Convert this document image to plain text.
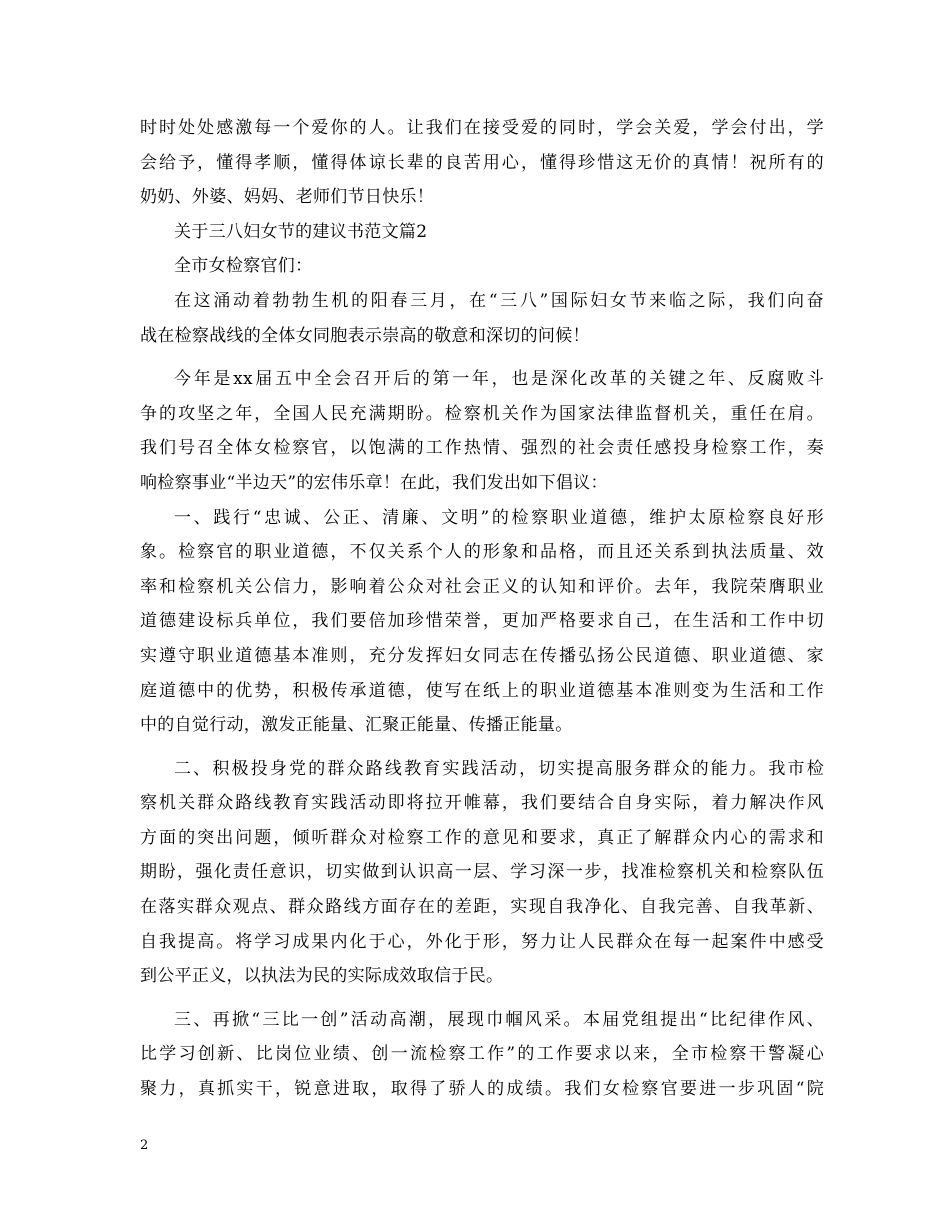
时时处处感激每一个爱你的人。让我们在接受爱的同时，学会关爱，学会付出，学
会给予，懂得孝顺，懂得体谅长辈的良苦用心，懂得珍惜这无价的真情！祝所有的
奶奶、外婆、妈妈、老师们节日快乐！
关于三八妇女节的建议书范文篇2
全市女检察官们：
在这涌动着勃勃生机的阳春三月，在“三八”国际妇女节来临之际，我们向奋
战在检察战线的全体女同胞表示崇高的敬意和深切的问候！
今年是xx届五中全会召开后的第一年，也是深化改革的关键之年、反腐败斗
争的攻坚之年，全国人民充满期盼。检察机关作为国家法律监督机关，重任在肩。
我们号召全体女检察官，以饱满的工作热情、强烈的社会责任感投身检察工作，奏
响检察事业“半边天”的宏伟乐章！在此，我们发出如下倡议：
一、践行“忠诚、公正、清廉、文明”的检察职业道德，维护太原检察良好形
象。检察官的职业道德，不仅关系个人的形象和品格，而且还关系到执法质量、效
率和检察机关公信力，影响着公众对社会正义的认知和评价。去年，我院荣膺职业
道德建设标兵单位，我们要倍加珍惜荣誉，更加严格要求自己，在生活和工作中切
实遵守职业道德基本准则，充分发挥妇女同志在传播弘扬公民道德、职业道德、家
庭道德中的优势，积极传承道德，使写在纸上的职业道德基本准则变为生活和工作
中的自觉行动，激发正能量、汇聚正能量、传播正能量。
二、积极投身党的群众路线教育实践活动，切实提高服务群众的能力。我市检
察机关群众路线教育实践活动即将拉开帷幕，我们要结合自身实际，着力解决作风
方面的突出问题，倾听群众对检察工作的意见和要求，真正了解群众内心的需求和
期盼，强化责任意识，切实做到认识高一层、学习深一步，找准检察机关和检察队伍
在落实群众观点、群众路线方面存在的差距，实现自我净化、自我完善、自我革新、
自我提高。将学习成果内化于心，外化于形，努力让人民群众在每一起案件中感受
到公平正义，以执法为民的实际成效取信于民。
三、再掀“三比一创”活动高潮，展现巾帼风采。本届党组提出“比纪律作风、
比学习创新、比岗位业绩、创一流检察工作”的工作要求以来，全市检察干警凝心
聚力，真抓实干，锐意进取，取得了骄人的成绩。我们女检察官要进一步巩固“院
2
